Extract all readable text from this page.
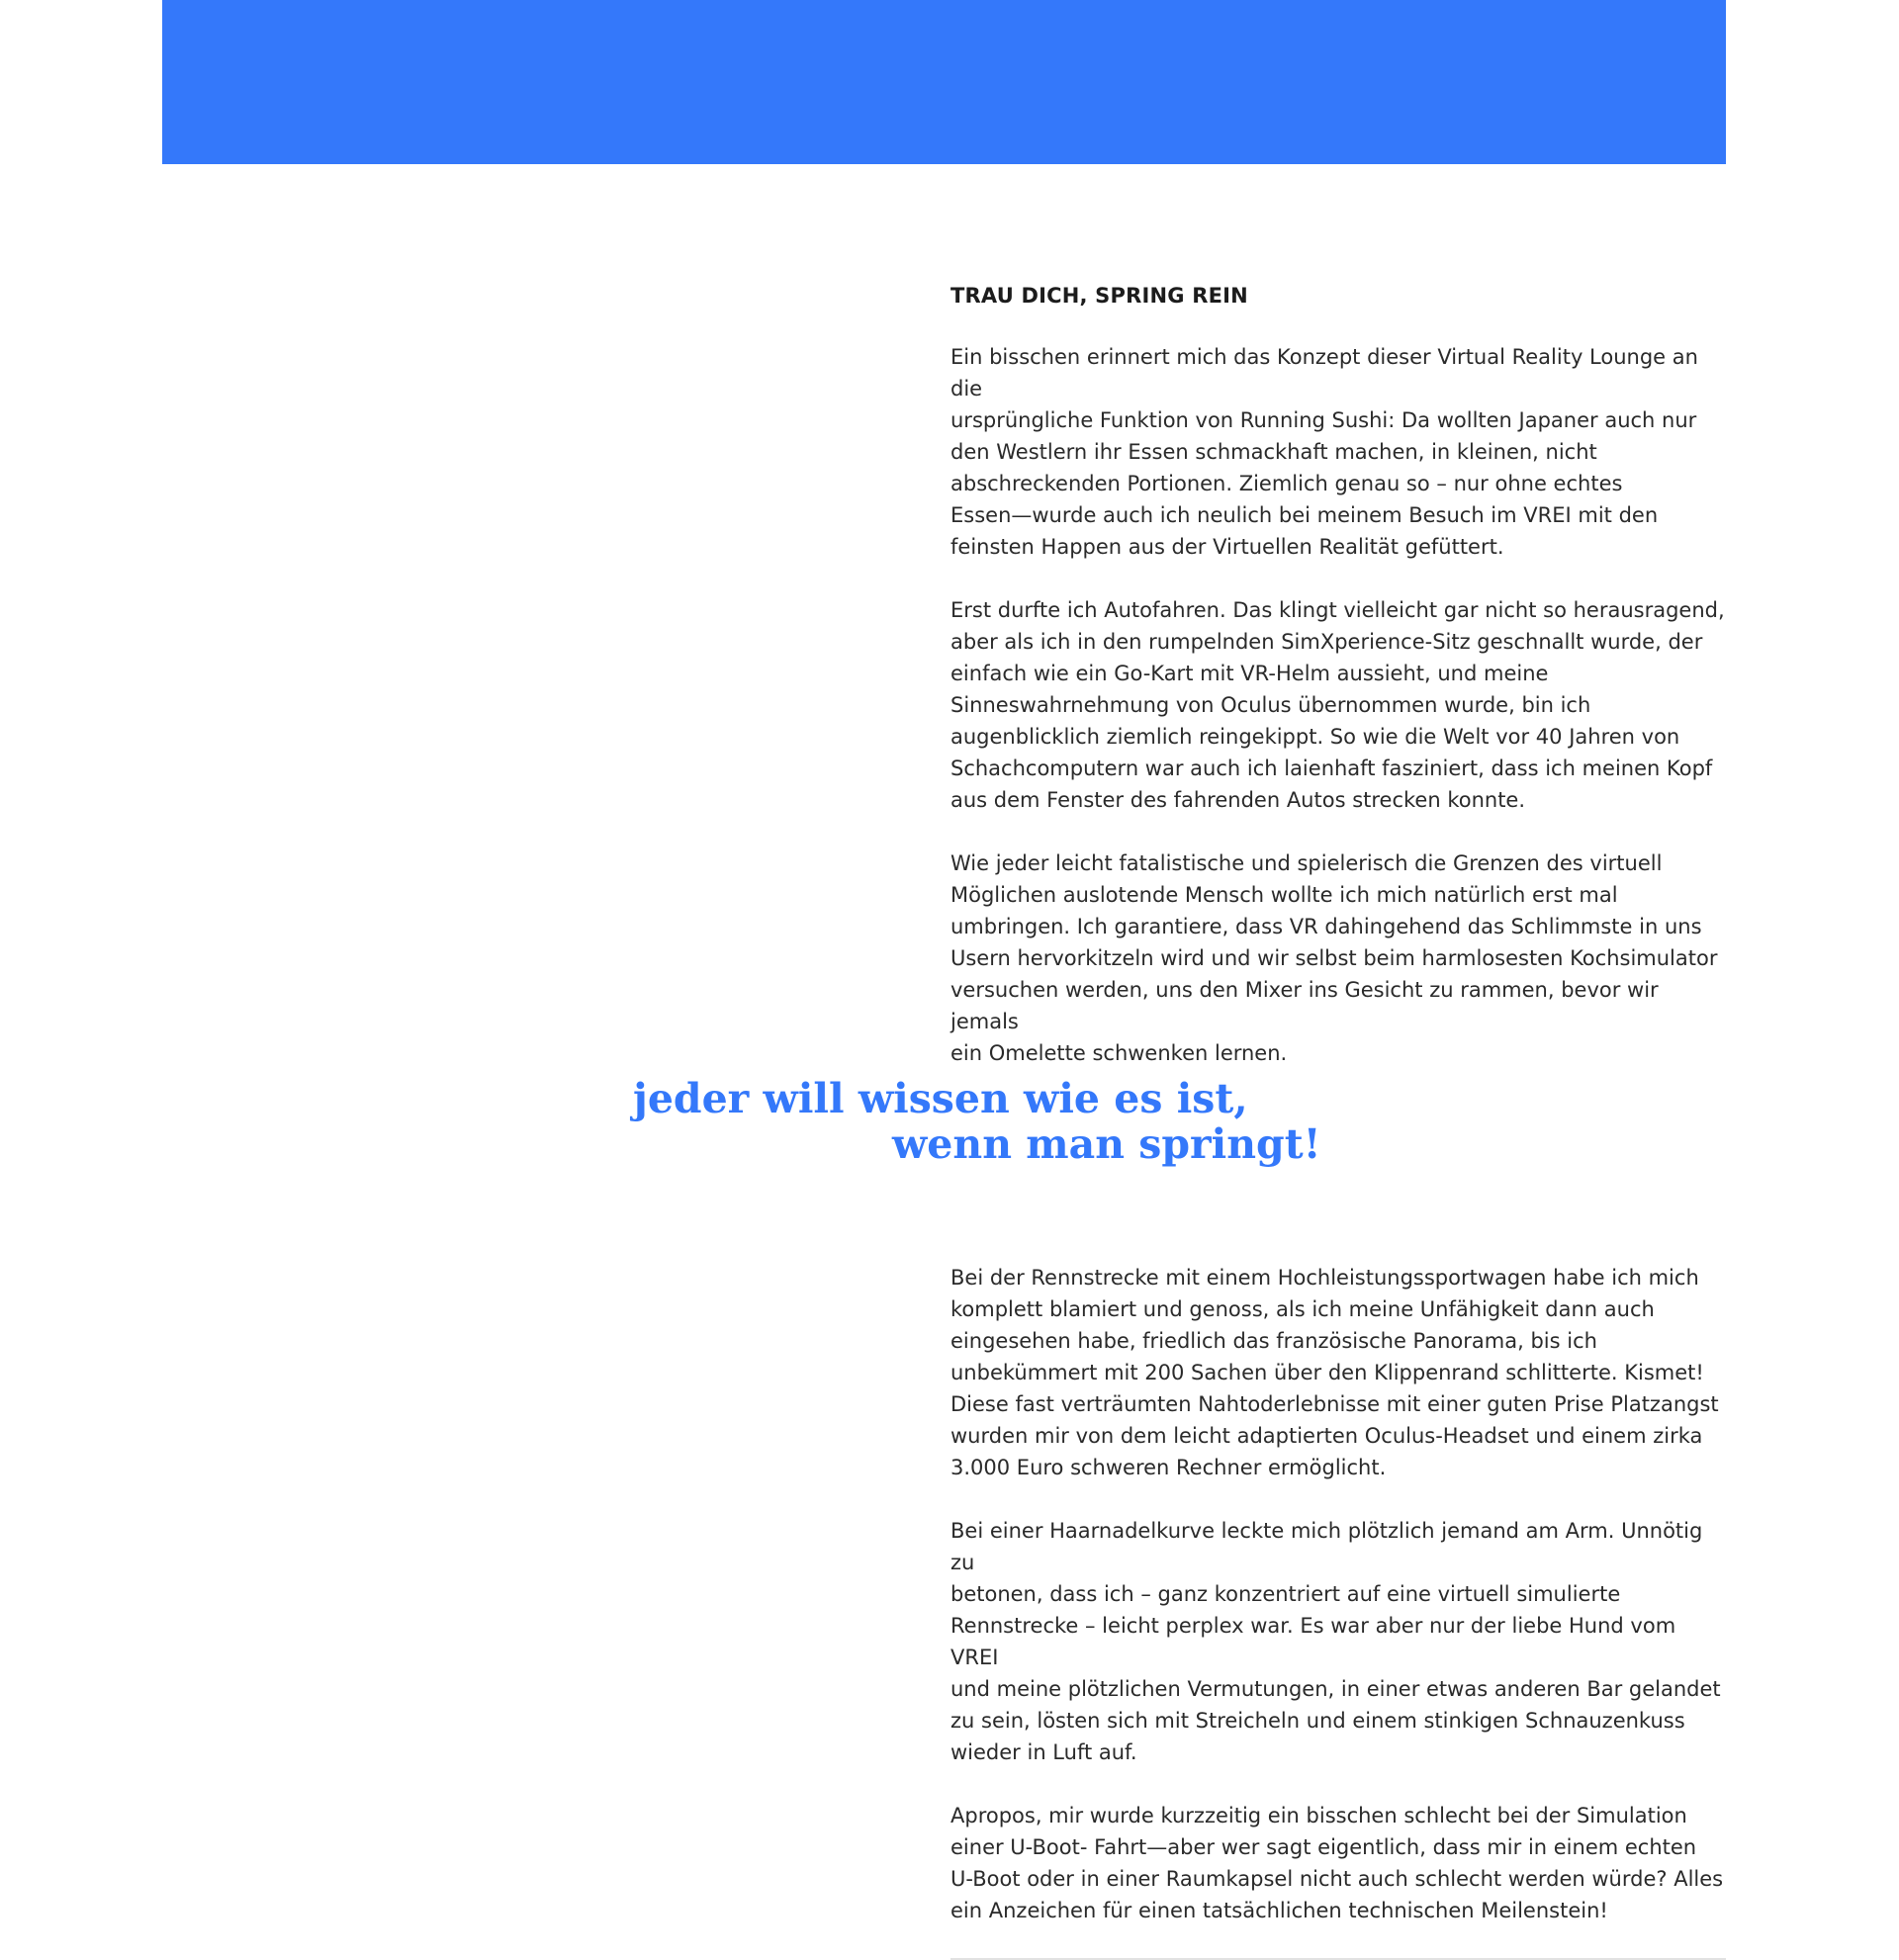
TRAU DICH, SPRING REIN

Ein bisschen erinnert mich das Konzept dieser Virtual Reality Lounge an die
ursprüngliche Funktion von Running Sushi: Da wollten Japaner auch nur
den Westlern ihr Essen schmackhaft machen, in kleinen, nicht
abschreckenden Portionen. Ziemlich genau so – nur ohne echtes
Essen—wurde auch ich neulich bei meinem Besuch im VREI mit den
feinsten Happen aus der Virtuellen Realität gefüttert.

Erst durfte ich Autofahren. Das klingt vielleicht gar nicht so herausragend,
aber als ich in den rumpelnden SimXperience-Sitz geschnallt wurde, der
einfach wie ein Go-Kart mit VR-Helm aussieht, und meine
Sinneswahrnehmung von Oculus übernommen wurde, bin ich
augenblicklich ziemlich reingekippt. So wie die Welt vor 40 Jahren von
Schachcomputern war auch ich laienhaft fasziniert, dass ich meinen Kopf
aus dem Fenster des fahrenden Autos strecken konnte.

Wie jeder leicht fatalistische und spielerisch die Grenzen des virtuell
Möglichen auslotende Mensch wollte ich mich natürlich erst mal
umbringen. Ich garantiere, dass VR dahingehend das Schlimmste in uns
Usern hervorkitzeln wird und wir selbst beim harmlosesten Kochsimulator
versuchen werden, uns den Mixer ins Gesicht zu rammen, bevor wir jemals
ein Omelette schwenken lernen.

jeder will wissen wie es ist,
wenn man springt!

Bei der Rennstrecke mit einem Hochleistungssportwagen habe ich mich
komplett blamiert und genoss, als ich meine Unfähigkeit dann auch
eingesehen habe, friedlich das französische Panorama, bis ich
unbekümmert mit 200 Sachen über den Klippenrand schlitterte. Kismet!
Diese fast verträumten Nahtoderlebnisse mit einer guten Prise Platzangst
wurden mir von dem leicht adaptierten Oculus-Headset und einem zirka
3.000 Euro schweren Rechner ermöglicht.

Bei einer Haarnadelkurve leckte mich plötzlich jemand am Arm. Unnötig zu
betonen, dass ich – ganz konzentriert auf eine virtuell simulierte
Rennstrecke – leicht perplex war. Es war aber nur der liebe Hund vom VREI
und meine plötzlichen Vermutungen, in einer etwas anderen Bar gelandet
zu sein, lösten sich mit Streicheln und einem stinkigen Schnauzenkuss
wieder in Luft auf.

Apropos, mir wurde kurzzeitig ein bisschen schlecht bei der Simulation
einer U-Boot- Fahrt—aber wer sagt eigentlich, dass mir in einem echten
U-Boot oder in einer Raumkapsel nicht auch schlecht werden würde? Alles
ein Anzeichen für einen tatsächlichen technischen Meilenstein!
